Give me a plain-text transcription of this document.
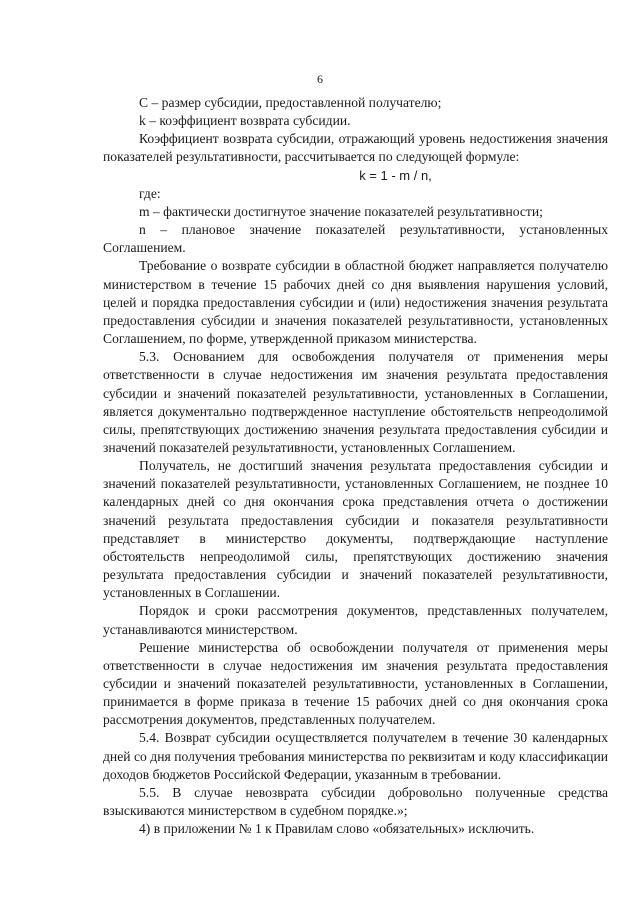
6

С – размер субсидии, предоставленной получателю;

k – коэффициент возврата субсидии.

Коэффициент возврата субсидии, отражающий уровень недостижения значения показателей результативности, рассчитывается по следующей формуле:

k = 1 - m / n,

где:

m – фактически достигнутое значение показателей результативности;

n – плановое значение показателей результативности, установленных Соглашением.

Требование о возврате субсидии в областной бюджет направляется получателю министерством в течение 15 рабочих дней со дня выявления нарушения условий, целей и порядка предоставления субсидии и (или) недостижения значения результата предоставления субсидии и значения показателей результативности, установленных Соглашением, по форме, утвержденной приказом министерства.

5.3. Основанием для освобождения получателя от применения меры ответственности в случае недостижения им значения результата предоставления субсидии и значений показателей результативности, установленных в Соглашении, является документально подтвержденное наступление обстоятельств непреодолимой силы, препятствующих достижению значения результата предоставления субсидии и значений показателей результативности, установленных Соглашением.

Получатель, не достигший значения результата предоставления субсидии и значений показателей результативности, установленных Соглашением, не позднее 10 календарных дней со дня окончания срока представления отчета о достижении значений результата предоставления субсидии и показателя результативности представляет в министерство документы, подтверждающие наступление обстоятельств непреодолимой силы, препятствующих достижению значения результата предоставления субсидии и значений показателей результативности, установленных в Соглашении.

Порядок и сроки рассмотрения документов, представленных получателем, устанавливаются министерством.

Решение министерства об освобождении получателя от применения меры ответственности в случае недостижения им значения результата предоставления субсидии и значений показателей результативности, установленных в Соглашении, принимается в форме приказа в течение 15 рабочих дней со дня окончания срока рассмотрения документов, представленных получателем.

5.4. Возврат субсидии осуществляется получателем в течение 30 календарных дней со дня получения требования министерства по реквизитам и коду классификации доходов бюджетов Российской Федерации, указанным в требовании.

5.5. В случае невозврата субсидии добровольно полученные средства взыскиваются министерством в судебном порядке.»;

4) в приложении № 1 к Правилам слово «обязательных» исключить.
